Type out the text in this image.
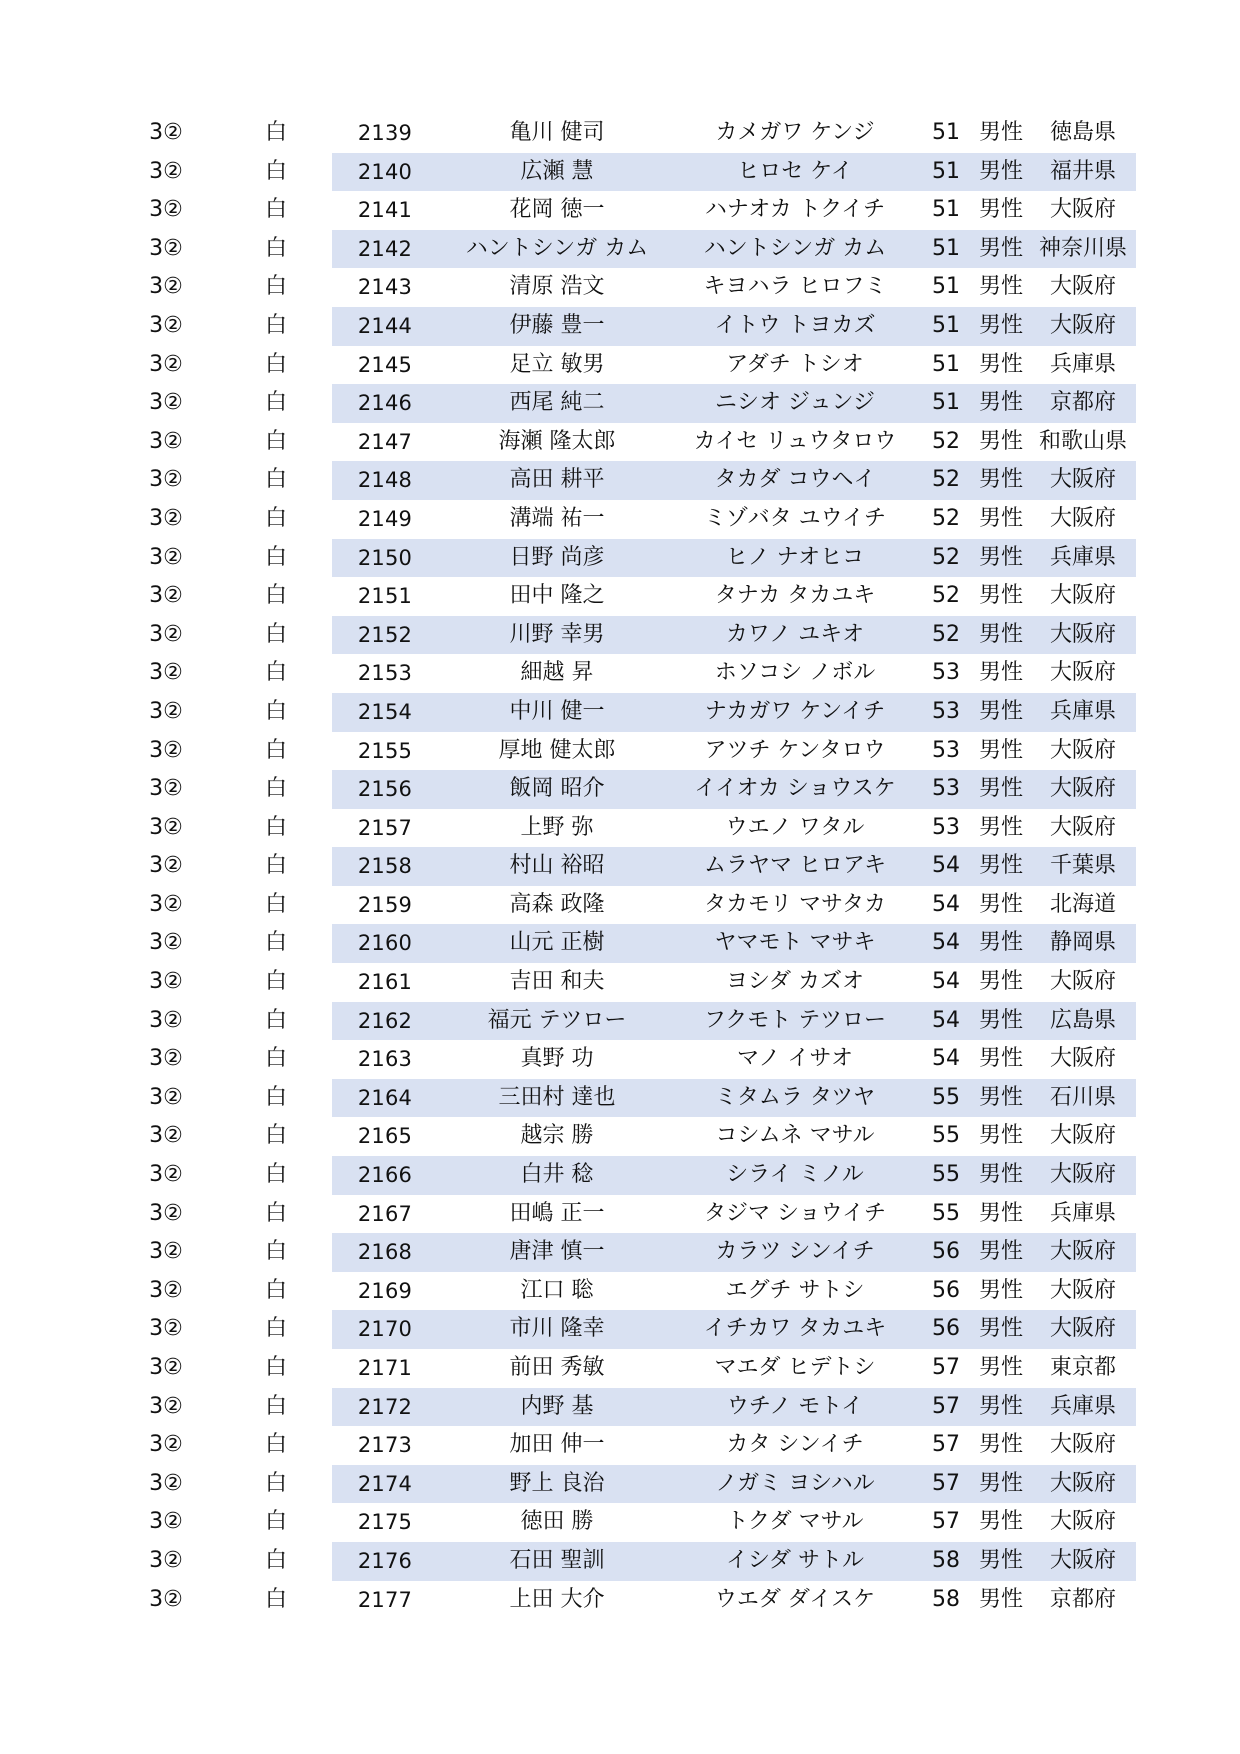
3②	白	2139	亀川 健司	カメガワ ケンジ	51 男性	徳島県
3②	白	2140	広瀬 慧	ヒロセ ケイ	51 男性	福井県
3②	白	2141	花岡 徳一	ハナオカ トクイチ	51 男性	大阪府
3②	白	2142	ハントシンガ カム	ハントシンガ カム	51 男性 神奈川県
3②	白	2143	清原 浩文	キヨハラ ヒロフミ	51 男性	大阪府
3②	白	2144	伊藤 豊一	イトウ トヨカズ	51 男性	大阪府
3②	白	2145	足立 敏男	アダチ トシオ	51 男性	兵庫県
3②	白	2146	西尾 純二	ニシオ ジュンジ	51 男性	京都府
3②	白	2147	海瀬 隆太郎	カイセ リュウタロウ	52 男性 和歌山県
3②	白	2148	高田 耕平	タカダ コウヘイ	52 男性	大阪府
3②	白	2149	溝端 祐一	ミゾバタ ユウイチ	52 男性	大阪府
3②	白	2150	日野 尚彦	ヒノ ナオヒコ	52 男性	兵庫県
3②	白	2151	田中 隆之	タナカ タカユキ	52 男性	大阪府
3②	白	2152	川野 幸男	カワノ ユキオ	52 男性	大阪府
3②	白	2153	細越 昇	ホソコシ ノボル	53 男性	大阪府
3②	白	2154	中川 健一	ナカガワ ケンイチ	53 男性	兵庫県
3②	白	2155	厚地 健太郎	アツチ ケンタロウ	53 男性	大阪府
3②	白	2156	飯岡 昭介	イイオカ ショウスケ	53 男性	大阪府
3②	白	2157	上野 弥	ウエノ ワタル	53 男性	大阪府
3②	白	2158	村山 裕昭	ムラヤマ ヒロアキ	54 男性	千葉県
3②	白	2159	高森 政隆	タカモリ マサタカ	54 男性	北海道
3②	白	2160	山元 正樹	ヤマモト マサキ	54 男性	静岡県
3②	白	2161	吉田 和夫	ヨシダ カズオ	54 男性	大阪府
3②	白	2162	福元 テツロー	フクモト テツロー	54 男性	広島県
3②	白	2163	真野 功	マノ イサオ	54 男性	大阪府
3②	白	2164	三田村 達也	ミタムラ タツヤ	55 男性	石川県
3②	白	2165	越宗 勝	コシムネ マサル	55 男性	大阪府
3②	白	2166	白井 稔	シライ ミノル	55 男性	大阪府
3②	白	2167	田嶋 正一	タジマ ショウイチ	55 男性	兵庫県
3②	白	2168	唐津 慎一	カラツ シンイチ	56 男性	大阪府
3②	白	2169	江口 聡	エグチ サトシ	56 男性	大阪府
3②	白	2170	市川 隆幸	イチカワ タカユキ	56 男性	大阪府
3②	白	2171	前田 秀敏	マエダ ヒデトシ	57 男性	東京都
3②	白	2172	内野 基	ウチノ モトイ	57 男性	兵庫県
3②	白	2173	加田 伸一	カタ シンイチ	57 男性	大阪府
3②	白	2174	野上 良治	ノガミ ヨシハル	57 男性	大阪府
3②	白	2175	徳田 勝	トクダ マサル	57 男性	大阪府
3②	白	2176	石田 聖訓	イシダ サトル	58 男性	大阪府
3②	白	2177	上田 大介	ウエダ ダイスケ	58 男性	京都府
